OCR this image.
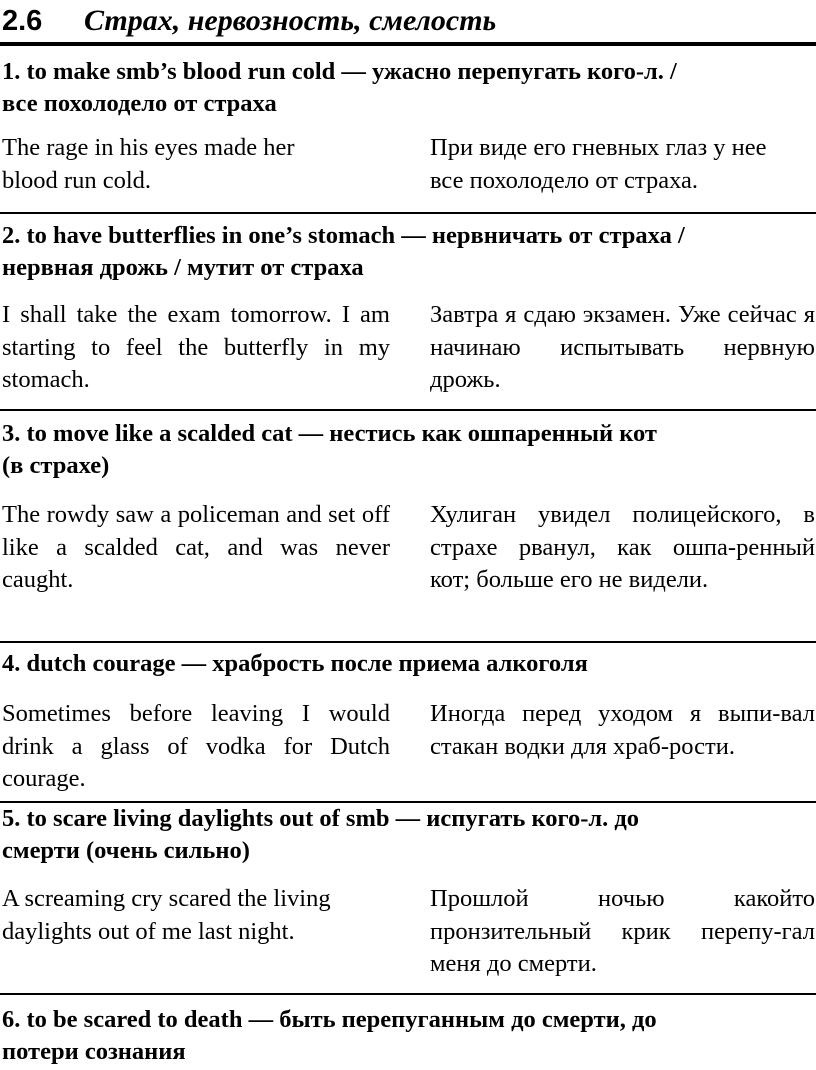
2.6 Страх, нервозность, смелость
1. to make smb’s blood run cold — ужасно перепугать кого-л. /
все похолодело от страха
The rage in his eyes made her blood run cold.
При виде его гневных глаз у нее все похолодело от страха.
2. to have butterflies in one’s stomach — нервничать от страха /
нервная дрожь / мутит от страха
I shall take the exam tomorrow. I am starting to feel the butterfly in my stomach.
Завтра я сдаю экзамен. Уже сейчас я начинаю испытывать нервную дрожь.
3. to move like a scalded cat — нестись как ошпаренный кот
(в страхе)
The rowdy saw a policeman and set off like a scalded cat, and was never caught.
Хулиган увидел полицейского, в страхе рванул, как ошпа-ренный кот; больше его не видели.
4. dutch courage — храбрость после приема алкоголя
Sometimes before leaving I would drink a glass of vodka for Dutch courage.
Иногда перед уходом я выпи-вал стакан водки для храб-рости.
5. to scare living daylights out of smb — испугать кого-л. до
смерти (очень сильно)
A screaming cry scared the living daylights out of me last night.
Прошлой ночью какойто пронзительный крик перепу-гал меня до смерти.
6. to be scared to death — быть перепуганным до смерти, до
потери сознания
